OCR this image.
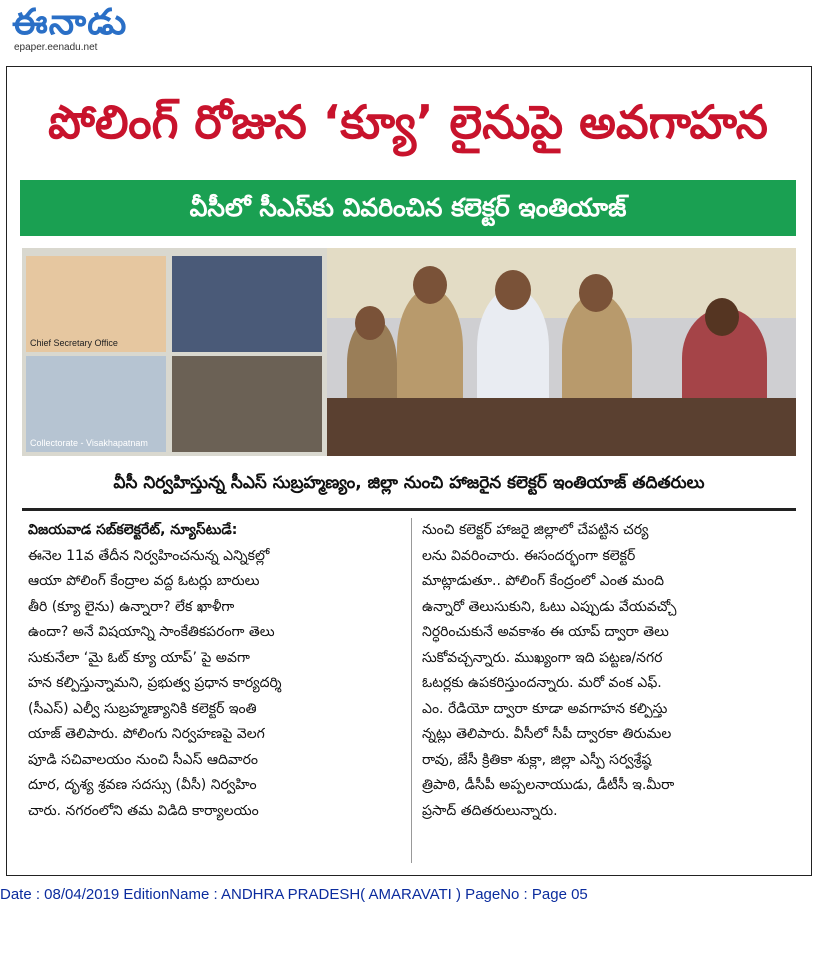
ఈనాడు
epaper.eenadu.net
పోలింగ్ రోజున ‘క్యూ’ లైనుపై అవగాహన
వీసీలో సీఎస్‌కు వివరించిన కలెక్టర్ ఇంతియాజ్
Chief Secretary Office
Collectorate - Visakhapatnam
వీసీ నిర్వహిస్తున్న సీఎస్ సుబ్రహ్మణ్యం, జిల్లా నుంచి హాజరైన కలెక్టర్ ఇంతియాజ్ తదితరులు
విజయవాడ సబ్‌కలెక్టరేట్, న్యూస్‌టుడే:
ఈనెల 11వ తేదీన నిర్వహించనున్న ఎన్నికల్లో
ఆయా పోలింగ్ కేంద్రాల వద్ద ఓటర్లు బారులు
తీరి (క్యూ లైను) ఉన్నారా? లేక ఖాళీగా
ఉందా? అనే విషయాన్ని సాంకేతికపరంగా తెలు
సుకునేలా ‘మై ఓట్ క్యూ యాప్’ పై అవగా
హన కల్పిస్తున్నామని, ప్రభుత్వ ప్రధాన కార్యదర్శి
(సీఎస్) ఎల్వీ సుబ్రహ్మణ్యానికి కలెక్టర్ ఇంతి
యాజ్ తెలిపారు. పోలింగు నిర్వహణపై వెలగ
పూడి సచివాలయం నుంచి సీఎస్ ఆదివారం
దూర, దృశ్య శ్రవణ సదస్సు (వీసీ) నిర్వహిం
చారు. నగరంలోని తమ విడిది కార్యాలయం
నుంచి కలెక్టర్ హాజరై జిల్లాలో చేపట్టిన చర్య
లను వివరించారు. ఈసందర్భంగా కలెక్టర్
మాట్లాడుతూ.. పోలింగ్ కేంద్రంలో ఎంత మంది
ఉన్నారో తెలుసుకుని, ఓటు ఎప్పుడు వేయవచ్చో
నిర్ధరించుకునే అవకాశం ఈ యాప్ ద్వారా తెలు
సుకోవచ్చన్నారు. ముఖ్యంగా ఇది పట్టణ/నగర
ఓటర్లకు ఉపకరిస్తుందన్నారు. మరో వంక ఎఫ్.
ఎం. రేడియో ద్వారా కూడా అవగాహన కల్పిస్తు
న్నట్లు తెలిపారు. వీసీలో సీపీ ద్వారకా తిరుమల
రావు, జేసీ క్రితికా శుక్లా, జిల్లా ఎస్పీ సర్వశ్రేష్ఠ
త్రిపాఠి, డీసీపీ అప్పలనాయుడు, డీటీసీ ఇ.మీరా
ప్రసాద్ తదితరులున్నారు.
Date : 08/04/2019 EditionName : ANDHRA PRADESH( AMARAVATI ) PageNo : Page 05
